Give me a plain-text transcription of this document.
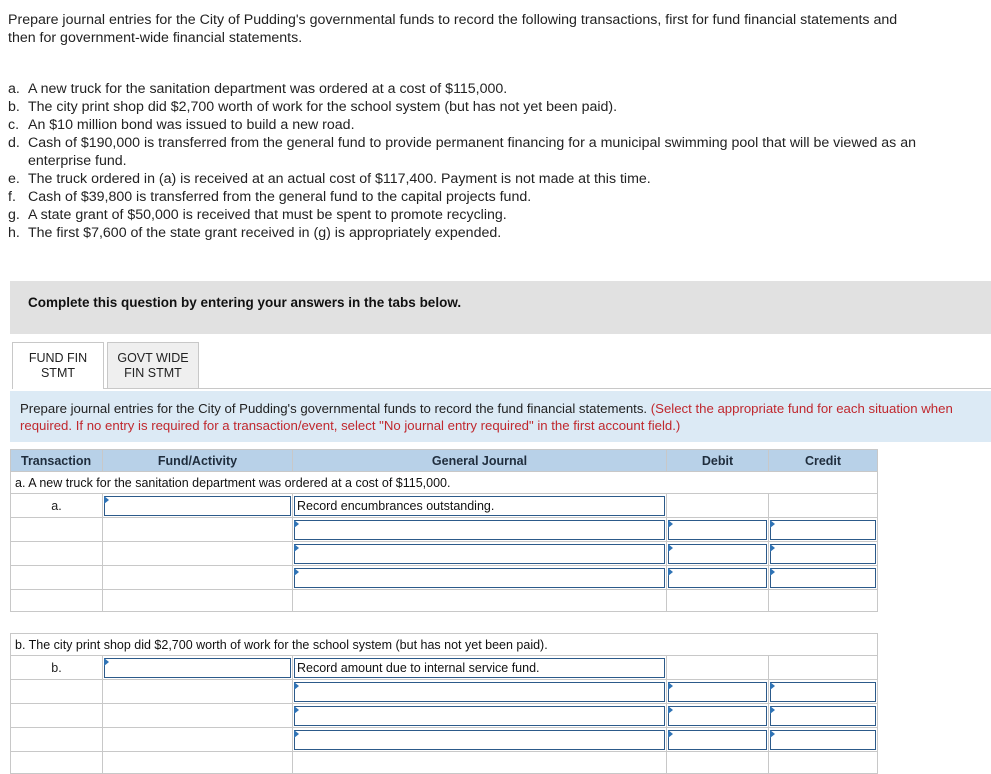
Prepare journal entries for the City of Pudding's governmental funds to record the following transactions, first for fund financial statements and then for government-wide financial statements.
a. A new truck for the sanitation department was ordered at a cost of $115,000.
b. The city print shop did $2,700 worth of work for the school system (but has not yet been paid).
c. An $10 million bond was issued to build a new road.
d. Cash of $190,000 is transferred from the general fund to provide permanent financing for a municipal swimming pool that will be viewed as an enterprise fund.
e. The truck ordered in (a) is received at an actual cost of $117,400. Payment is not made at this time.
f. Cash of $39,800 is transferred from the general fund to the capital projects fund.
g. A state grant of $50,000 is received that must be spent to promote recycling.
h. The first $7,600 of the state grant received in (g) is appropriately expended.
Complete this question by entering your answers in the tabs below.
FUND FIN
STMT
GOVT WIDE
FIN STMT
Prepare journal entries for the City of Pudding's governmental funds to record the fund financial statements. (Select the appropriate fund for each situation when required. If no entry is required for a transaction/event, select "No journal entry required" in the first account field.)
Transaction	Fund/Activity	General Journal	Debit	Credit
a. A new truck for the sanitation department was ordered at a cost of $115,000.				
a.		Record encumbrances outstanding.		

b. The city print shop did $2,700 worth of work for the school system (but has not yet been paid).				
b.		Record amount due to internal service fund.		
